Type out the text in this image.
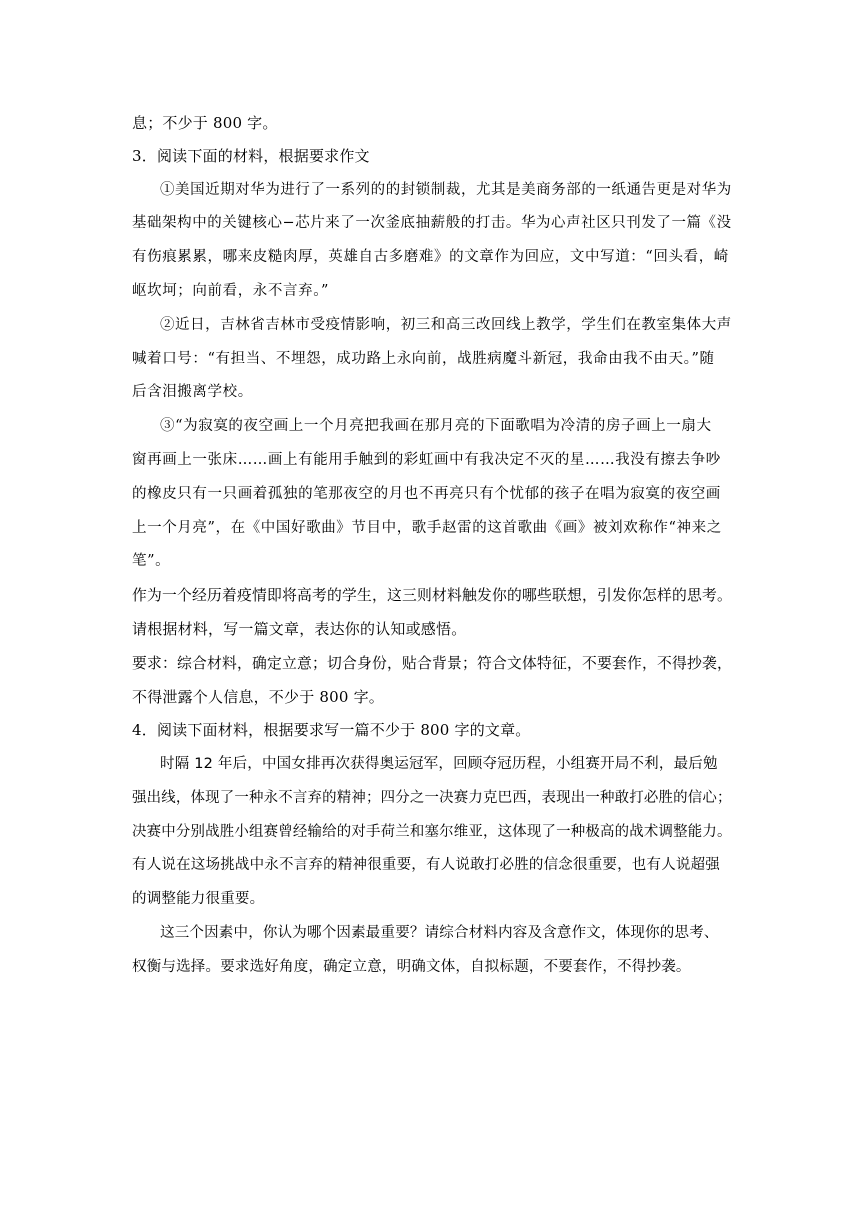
息；不少于 800 字。
3．阅读下面的材料，根据要求作文
①美国近期对华为进行了一系列的的封锁制裁，尤其是美商务部的一纸通告更是对华为
基础架构中的关键核心−芯片来了一次釜底抽薪般的打击。华为心声社区只刊发了一篇《没
有伤痕累累，哪来皮糙肉厚，英雄自古多磨难》的文章作为回应，文中写道：“回头看，崎
岖坎坷；向前看，永不言弃。”
②近日，吉林省吉林市受疫情影响，初三和高三改回线上教学，学生们在教室集体大声
喊着口号：“有担当、不埋怨，成功路上永向前，战胜病魔斗新冠，我命由我不由天。”随
后含泪搬离学校。
③“为寂寞的夜空画上一个月亮把我画在那月亮的下面歌唱为冷清的房子画上一扇大
窗再画上一张床……画上有能用手触到的彩虹画中有我决定不灭的星……我没有擦去争吵
的橡皮只有一只画着孤独的笔那夜空的月也不再亮只有个忧郁的孩子在唱为寂寞的夜空画
上一个月亮”，在《中国好歌曲》节目中，歌手赵雷的这首歌曲《画》被刘欢称作“神来之
笔”。
作为一个经历着疫情即将高考的学生，这三则材料触发你的哪些联想，引发你怎样的思考。
请根据材料，写一篇文章，表达你的认知或感悟。
要求：综合材料，确定立意；切合身份，贴合背景；符合文体特征，不要套作，不得抄袭，
不得泄露个人信息，不少于 800 字。
4．阅读下面材料，根据要求写一篇不少于 800 字的文章。
时隔 12 年后，中国女排再次获得奥运冠军，回顾夺冠历程，小组赛开局不利，最后勉
强出线，体现了一种永不言弃的精神；四分之一决赛力克巴西，表现出一种敢打必胜的信心；
决赛中分别战胜小组赛曾经输给的对手荷兰和塞尔维亚，这体现了一种极高的战术调整能力。
有人说在这场挑战中永不言弃的精神很重要，有人说敢打必胜的信念很重要，也有人说超强
的调整能力很重要。
这三个因素中，你认为哪个因素最重要？请综合材料内容及含意作文，体现你的思考、
权衡与选择。要求选好角度，确定立意，明确文体，自拟标题，不要套作，不得抄袭。
